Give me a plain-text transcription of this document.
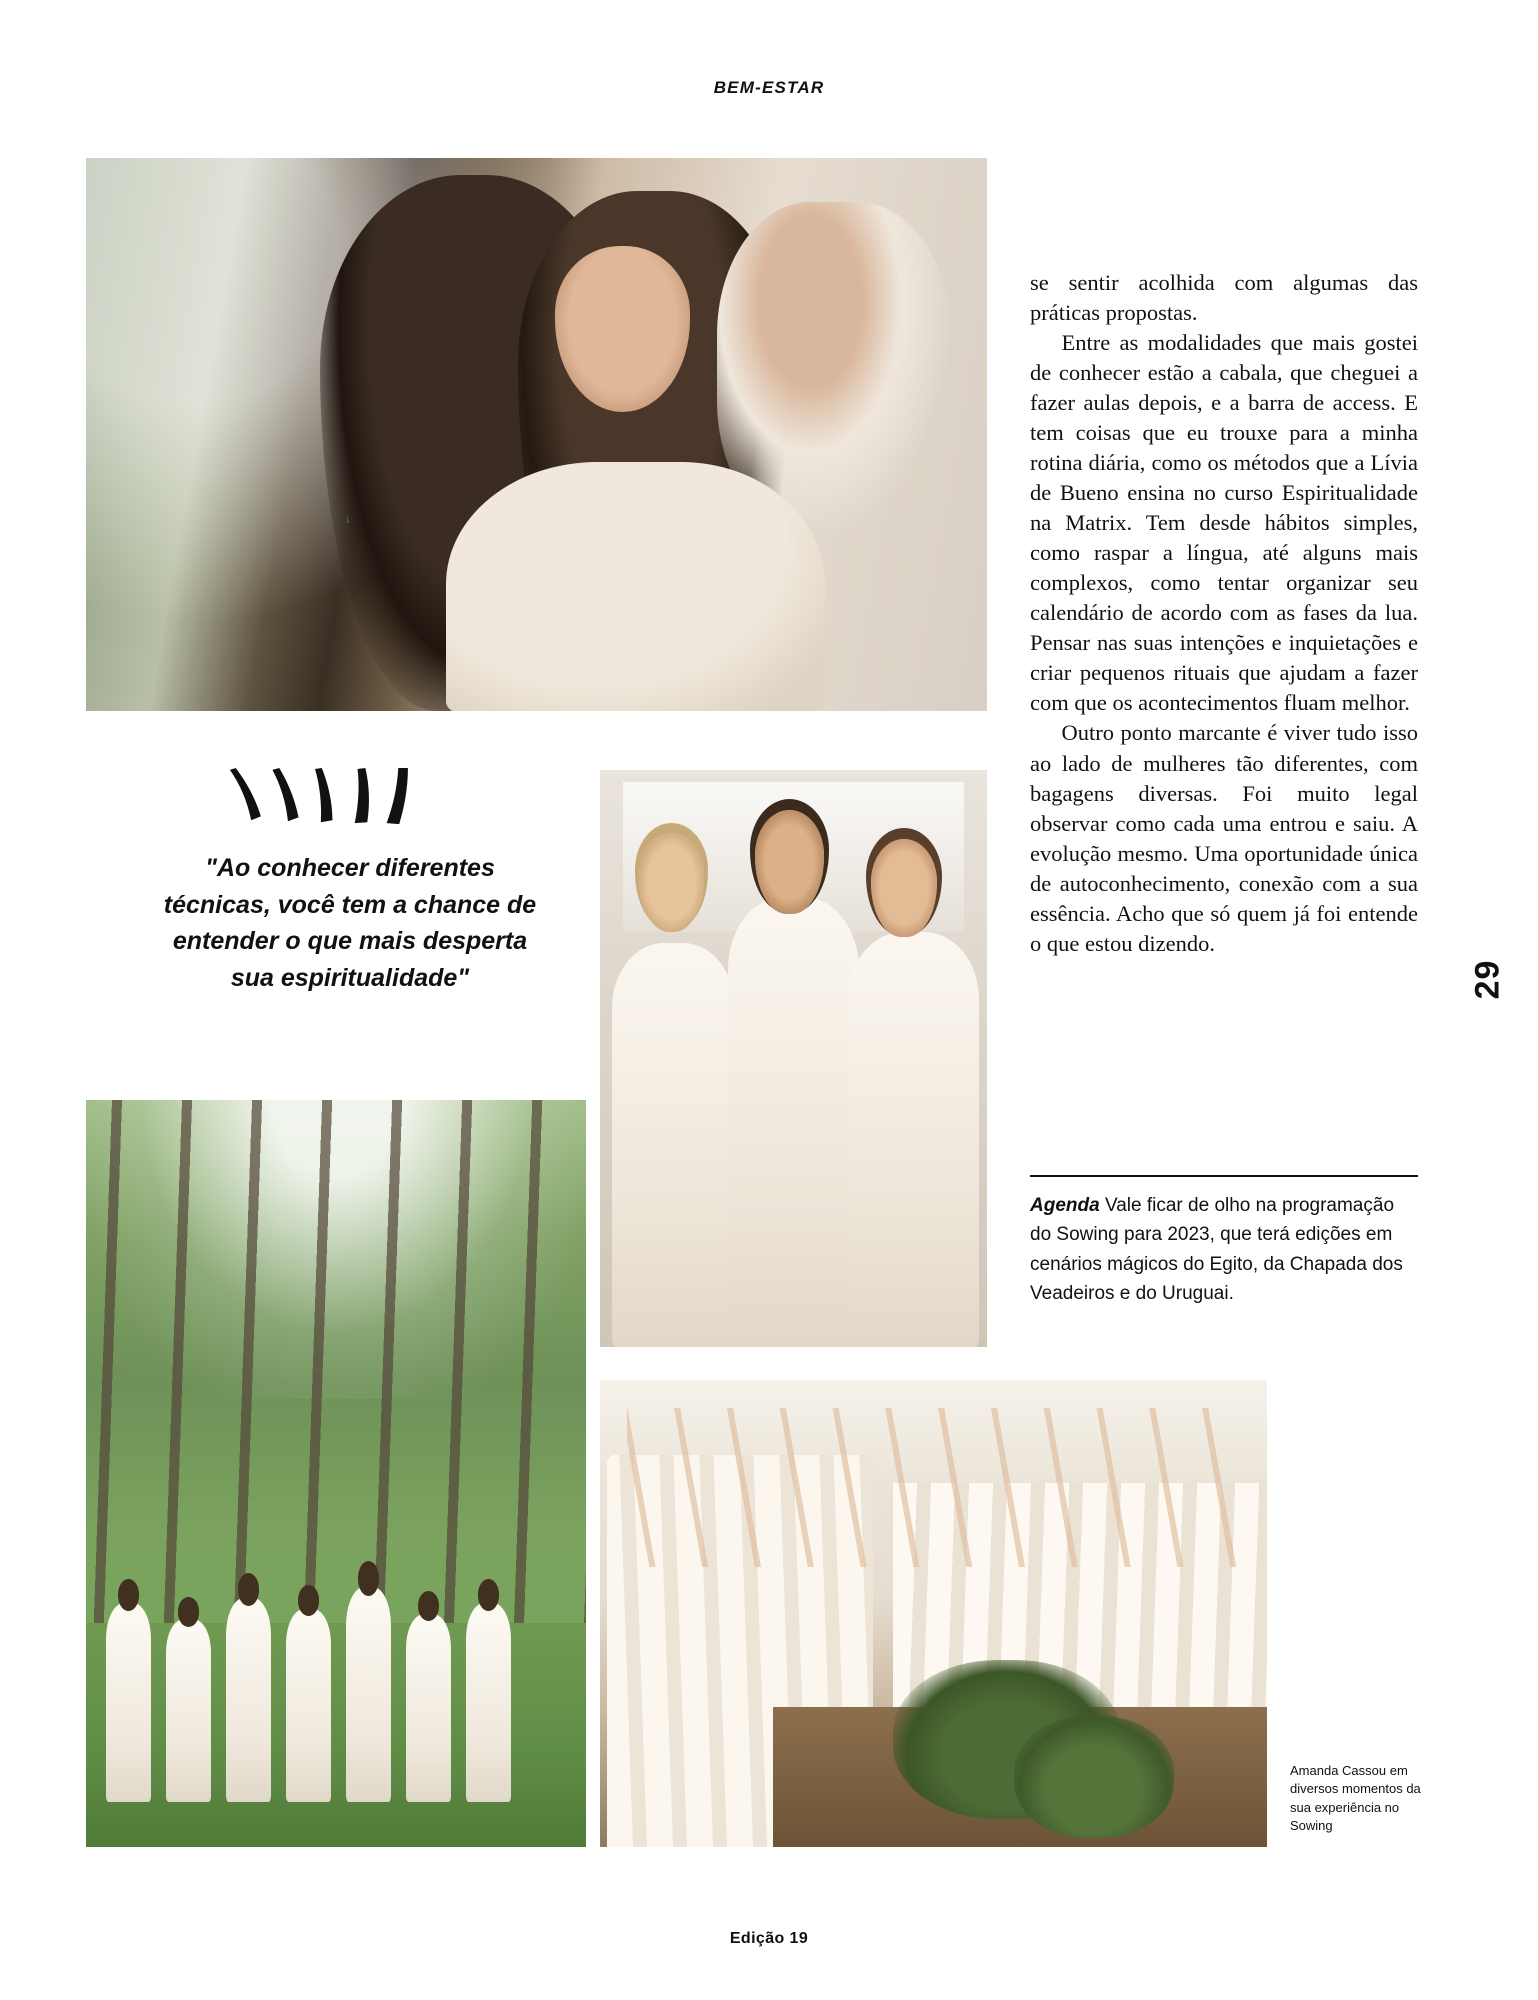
BEM-ESTAR

"Ao conhecer diferentes técnicas, você tem a chance de entender o que mais desperta sua espiritualidade"

se sentir acolhida com algumas das práticas propostas.

Entre as modalidades que mais gostei de conhecer estão a cabala, que cheguei a fazer aulas depois, e a barra de access. E tem coisas que eu trouxe para a minha rotina diária, como os métodos que a Lívia de Bueno ensina no curso Espiritualidade na Matrix. Tem desde hábitos simples, como raspar a língua, até alguns mais complexos, como tentar organizar seu calendário de acordo com as fases da lua. Pensar nas suas intenções e inquietações e criar pequenos rituais que ajudam a fazer com que os acontecimentos fluam melhor.

Outro ponto marcante é viver tudo isso ao lado de mulheres tão diferentes, com bagagens diversas. Foi muito legal observar como cada uma entrou e saiu. A evolução mesmo. Uma oportunidade única de autoconhecimento, conexão com a sua essência. Acho que só quem já foi entende o que estou dizendo.

Agenda Vale ficar de olho na programação do Sowing para 2023, que terá edições em cenários mágicos do Egito, da Chapada dos Veadeiros e do Uruguai.
Amanda Cassou em diversos momentos da sua experiência no Sowing
29
Edição 19
